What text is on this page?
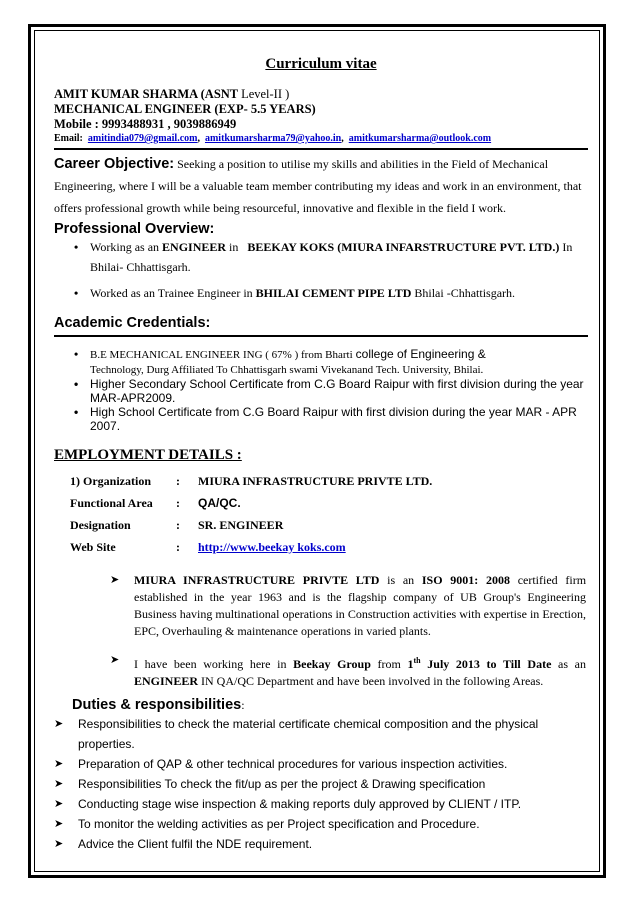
Curriculum vitae
AMIT KUMAR SHARMA (ASNT Level-II )
MECHANICAL ENGINEER (EXP- 5.5 YEARS)
Mobile : 9993488931 , 9039886949
Email: amitindia079@gmail.com,  amitkumarsharma79@yahoo.in,  amitkumarsharma@outlook.com
Career Objective: Seeking a position to utilise my skills and abilities in the Field of Mechanical Engineering, where I will be a valuable team member contributing my ideas and work in an environment, that offers professional growth while being resourceful, innovative and flexible in the field I work.
Professional Overview:
• Working as an ENGINEER in BEEKAY KOKS (MIURA INFARSTRUCTURE PVT. LTD.) In Bhilai- Chhattisgarh.
• Worked as an Trainee Engineer in BHILAI CEMENT PIPE LTD Bhilai -Chhattisgarh.
Academic Credentials:
• B.E MECHANICAL ENGINEER ING ( 67% ) from Bharti college of Engineering &
Technology, Durg Affiliated To Chhattisgarh swami Vivekanand Tech. University, Bhilai.
• Higher Secondary School Certificate from C.G Board Raipur with first division during the year MAR-APR2009.
• High School Certificate from C.G Board Raipur with first division during the year MAR - APR 2007.
EMPLOYMENT DETAILS :
1) Organization	:	MIURA INFRASTRUCTURE PRIVTE LTD.
Functional Area	:	QA/QC.
Designation	:	SR. ENGINEER
Web Site	:	http://www.beekay koks.com
➤ MIURA INFRASTRUCTURE PRIVTE LTD is an ISO 9001: 2008 certified firm established in the year 1963 and is the flagship company of UB Group's Engineering Business having multinational operations in Construction activities with expertise in Erection, EPC, Overhauling & maintenance operations in varied plants.
➤ I have been working here in Beekay Group from 1th July 2013 to Till Date as an ENGINEER IN QA/QC Department and have been involved in the following Areas.
Duties & responsibilities:
➤ Responsibilities to check the material certificate chemical composition and the physical properties.
➤ Preparation of QAP & other technical procedures for various inspection activities.
➤ Responsibilities To check the fit/up as per the project & Drawing specification
➤ Conducting stage wise inspection & making reports duly approved by CLIENT / ITP.
➤ To monitor the welding activities as per Project specification and Procedure.
➤ Advice the Client fulfil the NDE requirement.
